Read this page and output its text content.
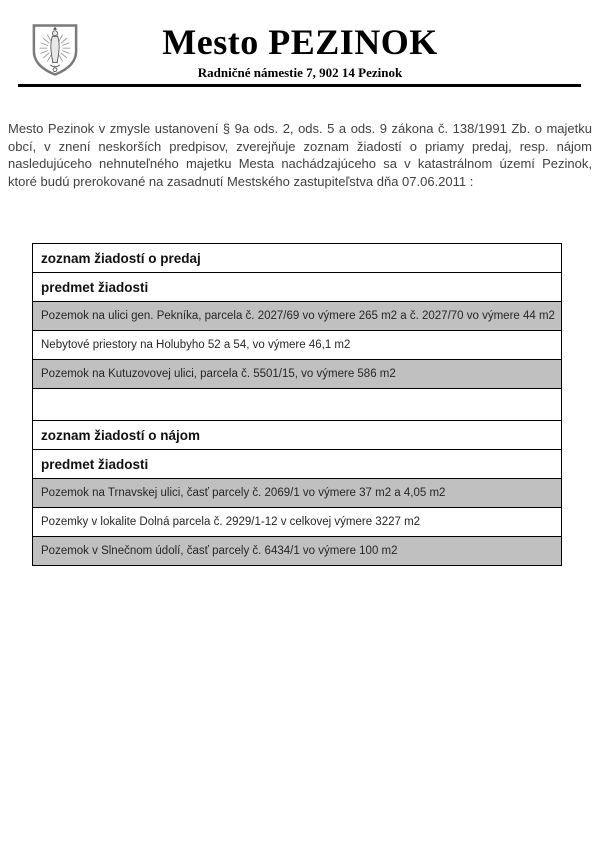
Mesto PEZINOK
Radničné námestie 7, 902 14 Pezinok
Mesto Pezinok v zmysle ustanovení § 9a ods. 2, ods. 5 a ods. 9 zákona č. 138/1991 Zb. o majetku obcí, v znení neskorších predpisov, zverejňuje zoznam žiadostí o priamy predaj, resp. nájom nasledujúceho nehnuteľného majetku Mesta nachádzajúceho sa v katastrálnom území Pezinok, ktoré budú prerokované na zasadnutí Mestského zastupiteľstva dňa 07.06.2011 :
zoznam žiadostí o predaj
predmet žiadosti
Pozemok na ulici gen. Pekníka, parcela č. 2027/69 vo výmere 265 m2 a č. 2027/70 vo výmere 44 m2
Nebytové priestory na Holubyho 52 a 54, vo výmere 46,1 m2
Pozemok na Kutuzovovej ulici, parcela č. 5501/15, vo výmere 586 m2

zoznam žiadostí o nájom
predmet žiadosti
Pozemok na Trnavskej ulici, časť parcely č. 2069/1 vo výmere 37 m2 a 4,05 m2
Pozemky v lokalite Dolná parcela č. 2929/1-12 v celkovej výmere 3227 m2
Pozemok v Slnečnom údolí, časť parcely č. 6434/1 vo výmere 100 m2
